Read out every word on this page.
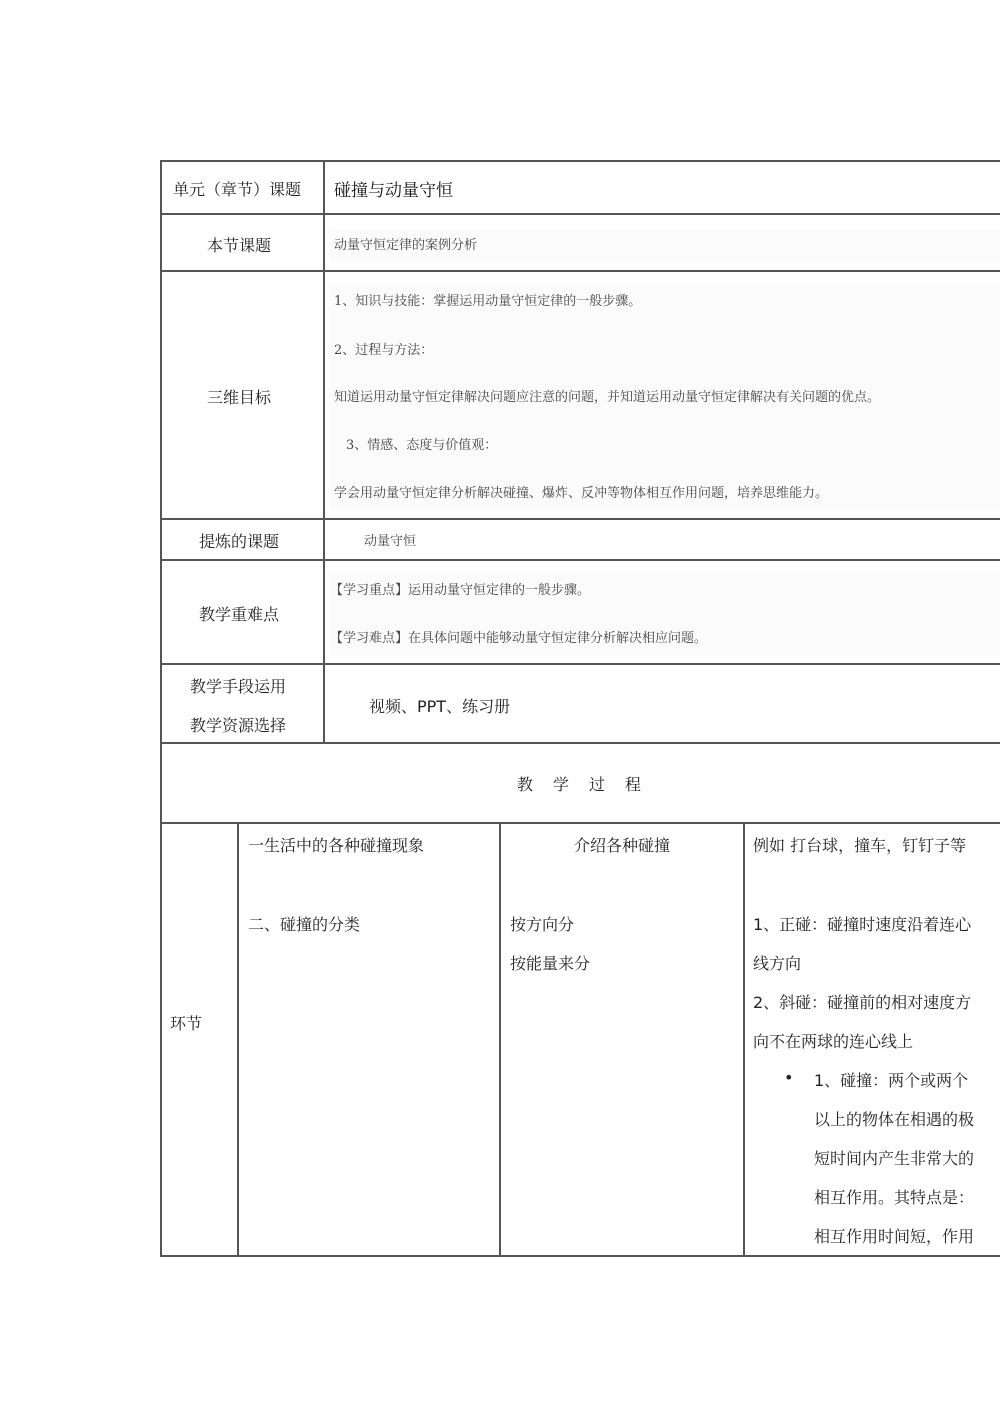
单元（章节）课题 碰撞与动量守恒
本节课题	动量守恒定律的案例分析
三维目标
1、知识与技能：掌握运用动量守恒定律的一般步骤。
2、过程与方法：
知道运用动量守恒定律解决问题应注意的问题，并知道运用动量守恒定律解决有关问题的优点。
3、情感、态度与价值观：
学会用动量守恒定律分析解决碰撞、爆炸、反冲等物体相互作用问题，培养思维能力。
提炼的课题	动量守恒
教学重难点
【学习重点】运用动量守恒定律的一般步骤。
【学习难点】在具体问题中能够动量守恒定律分析解决相应问题。
教学手段运用
教学资源选择
视频、PPT、练习册
教　学　过　程
环节
一生活中的各种碰撞现象
二、碰撞的分类
介绍各种碰撞
按方向分
按能量来分
例如 打台球，撞车，钉钉子等
1、正碰：碰撞时速度沿着连心
线方向
2、斜碰：碰撞前的相对速度方
向不在两球的连心线上
• 1、碰撞：两个或两个
以上的物体在相遇的极
短时间内产生非常大的
相互作用。其特点是：
相互作用时间短，作用
